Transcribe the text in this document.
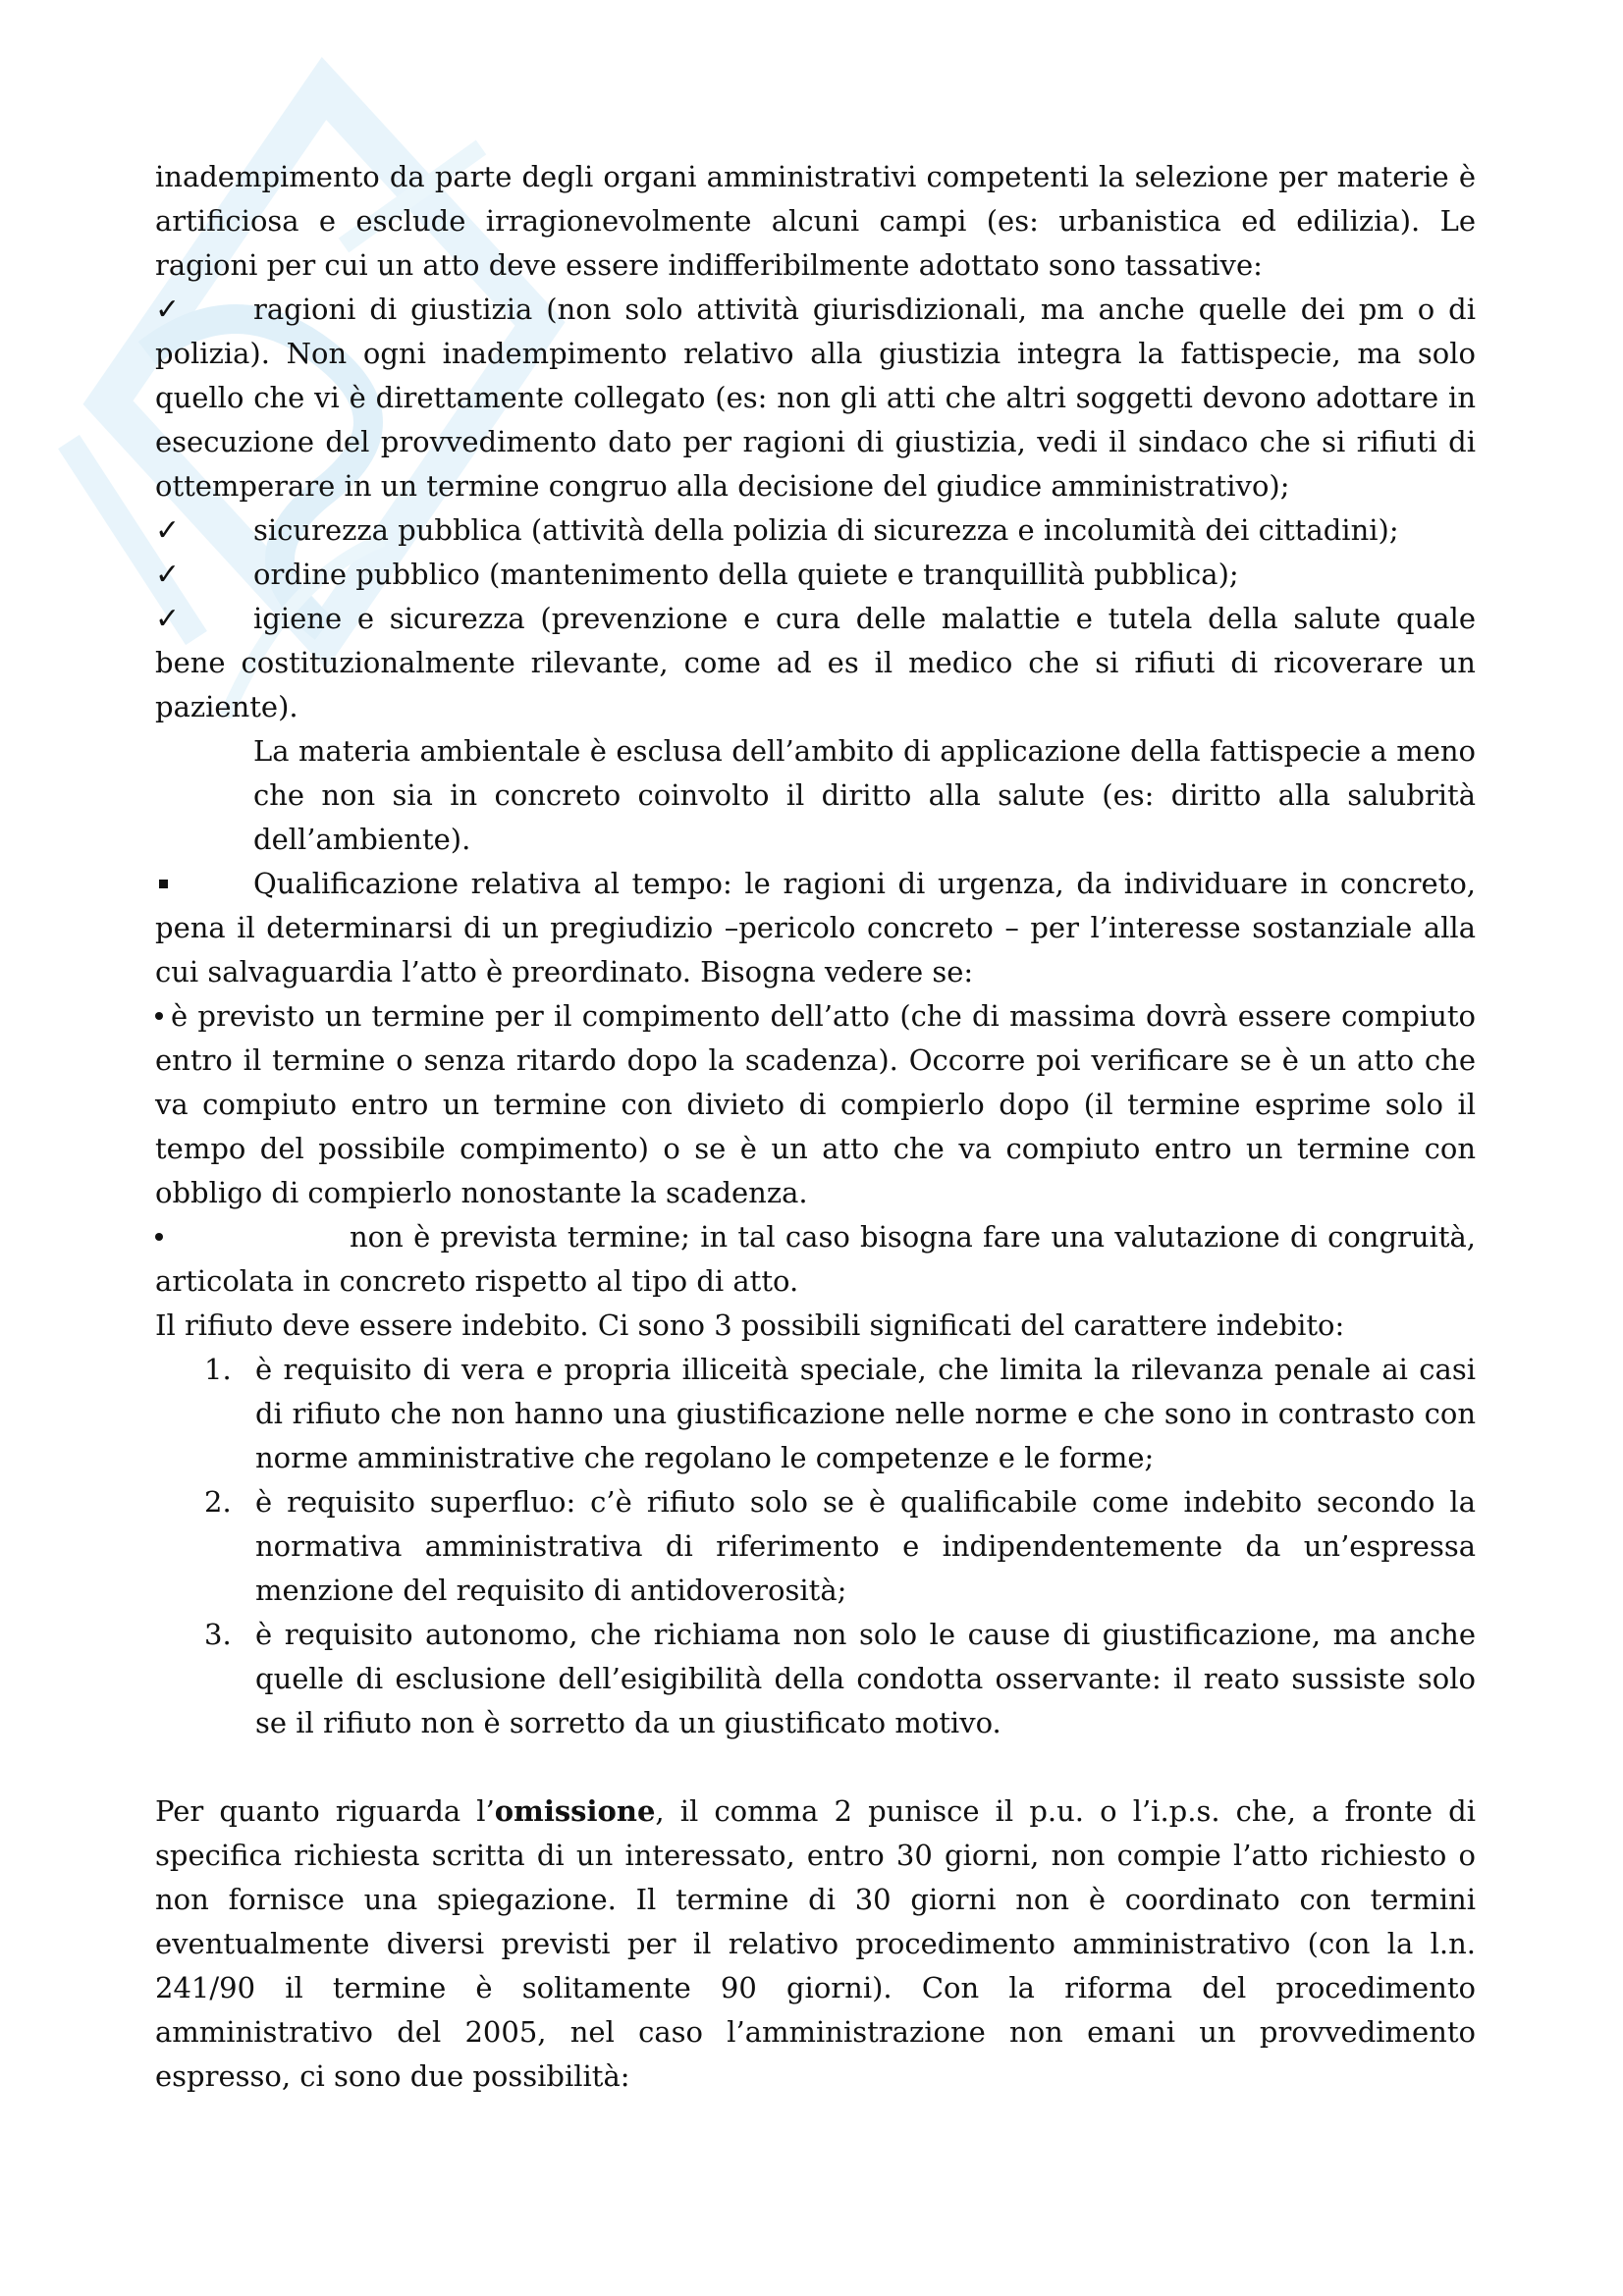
inadempimento da parte degli organi amministrativi competenti la selezione per materie è artificiosa e esclude irragionevolmente alcuni campi (es: urbanistica ed edilizia). Le ragioni per cui un atto deve essere indifferibilmente adottato sono tassative:

✓	ragioni di giustizia (non solo attività giurisdizionali, ma anche quelle dei pm o di polizia). Non ogni inadempimento relativo alla giustizia integra la fattispecie, ma solo quello che vi è direttamente collegato (es: non gli atti che altri soggetti devono adottare in esecuzione del provvedimento dato per ragioni di giustizia, vedi il sindaco che si rifiuti di ottemperare in un termine congruo alla decisione del giudice amministrativo);

✓	sicurezza pubblica (attività della polizia di sicurezza e incolumità dei cittadini);

✓	ordine pubblico (mantenimento della quiete e tranquillità pubblica);

✓	igiene e sicurezza (prevenzione e cura delle malattie e tutela della salute quale bene costituzionalmente rilevante, come ad es il medico che si rifiuti di ricoverare un paziente).

La materia ambientale è esclusa dell’ambito di applicazione della fattispecie a meno che non sia in concreto coinvolto il diritto alla salute (es: diritto alla salubrità dell’ambiente).

Qualificazione relativa al tempo: le ragioni di urgenza, da individuare in concreto, pena il determinarsi di un pregiudizio –pericolo concreto – per l’interesse sostanziale alla cui salvaguardia l’atto è preordinato. Bisogna vedere se:

è previsto un termine per il compimento dell’atto (che di massima dovrà essere compiuto entro il termine o senza ritardo dopo la scadenza). Occorre poi verificare se è un atto che va compiuto entro un termine con divieto di compierlo dopo (il termine esprime solo il tempo del possibile compimento) o se è un atto che va compiuto entro un termine con obbligo di compierlo nonostante la scadenza.

non è prevista termine; in tal caso bisogna fare una valutazione di congruità, articolata in concreto rispetto al tipo di atto.

Il rifiuto deve essere indebito. Ci sono 3 possibili significati del carattere indebito:

1. è requisito di vera e propria illiceità speciale, che limita la rilevanza penale ai casi di rifiuto che non hanno una giustificazione nelle norme e che sono in contrasto con norme amministrative che regolano le competenze e le forme;
2. è requisito superfluo: c’è rifiuto solo se è qualificabile come indebito secondo la normativa amministrativa di riferimento e indipendentemente da un’espressa menzione del requisito di antidoverosità;
3. è requisito autonomo, che richiama non solo le cause di giustificazione, ma anche quelle di esclusione dell’esigibilità della condotta osservante: il reato sussiste solo se il rifiuto non è sorretto da un giustificato motivo.

Per quanto riguarda l’omissione, il comma 2 punisce il p.u. o l’i.p.s. che, a fronte di specifica richiesta scritta di un interessato, entro 30 giorni, non compie l’atto richiesto o non fornisce una spiegazione. Il termine di 30 giorni non è coordinato con termini eventualmente diversi previsti per il relativo procedimento amministrativo (con la l.n. 241/90 il termine è solitamente 90 giorni). Con la riforma del procedimento amministrativo del 2005, nel caso l’amministrazione non emani un provvedimento espresso, ci sono due possibilità:
